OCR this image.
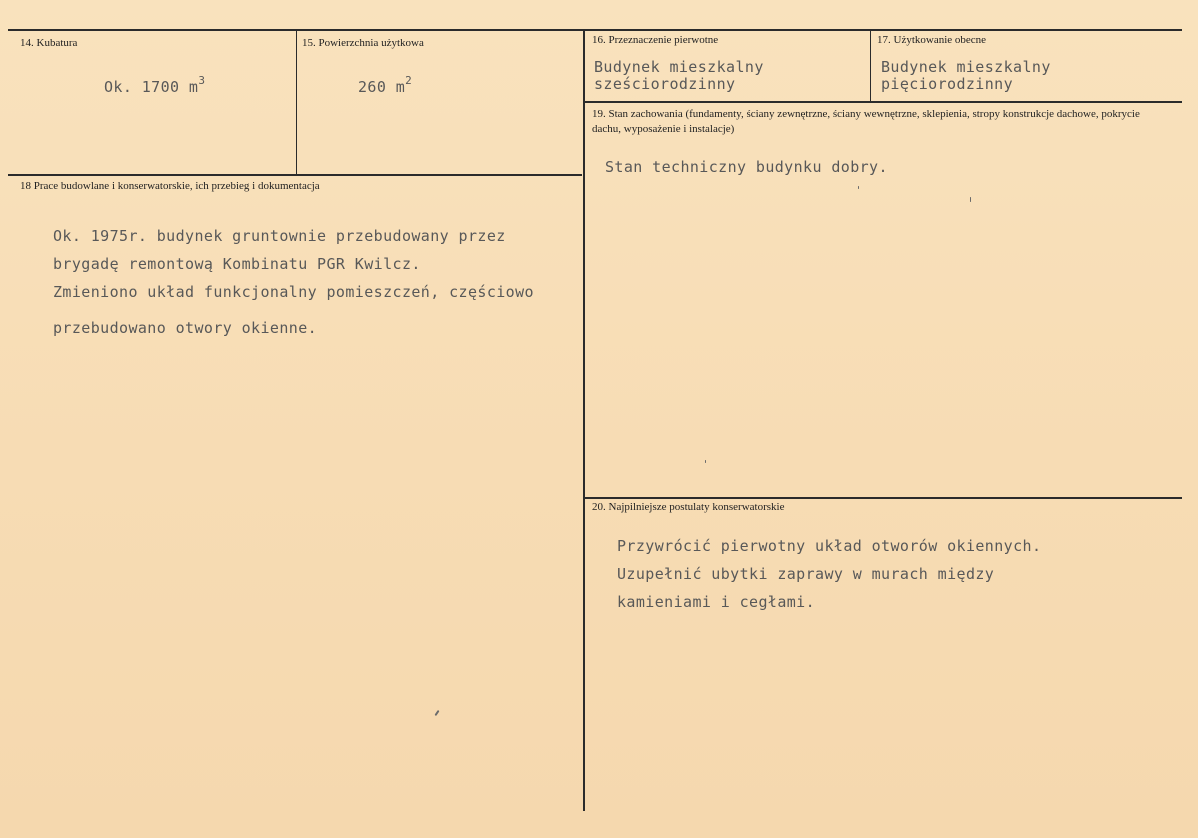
14. Kubatura
Ok. 1700 $m^3$
15. Powierzchnia użytkowa
260 $m^2$
16. Przeznaczenie pierwotne
Budynek mieszkalny
sześciorodzinny
17. Użytkowanie obecne
Budynek mieszkalny
pięciorodzinny
19. Stan zachowania (fundamenty, ściany zewnętrzne, ściany wewnętrzne, sklepienia, stropy konstrukcje dachowe, pokrycie dachu, wyposażenie i instalacje)
Stan techniczny budynku dobry.
18 Prace budowlane i konserwatorskie, ich przebieg i dokumentacja
Ok. 1975r. budynek gruntownie przebudowany przez
brygadę remontową Kombinatu PGR Kwilcz.
Zmieniono układ funkcjonalny pomieszczeń, częściowo
przebudowano otwory okienne.
20. Najpilniejsze postulaty konserwatorskie
Przywrócić pierwotny układ otworów okiennych.
Uzupełnić ubytki zaprawy w murach między
kamieniami i cegłami.
